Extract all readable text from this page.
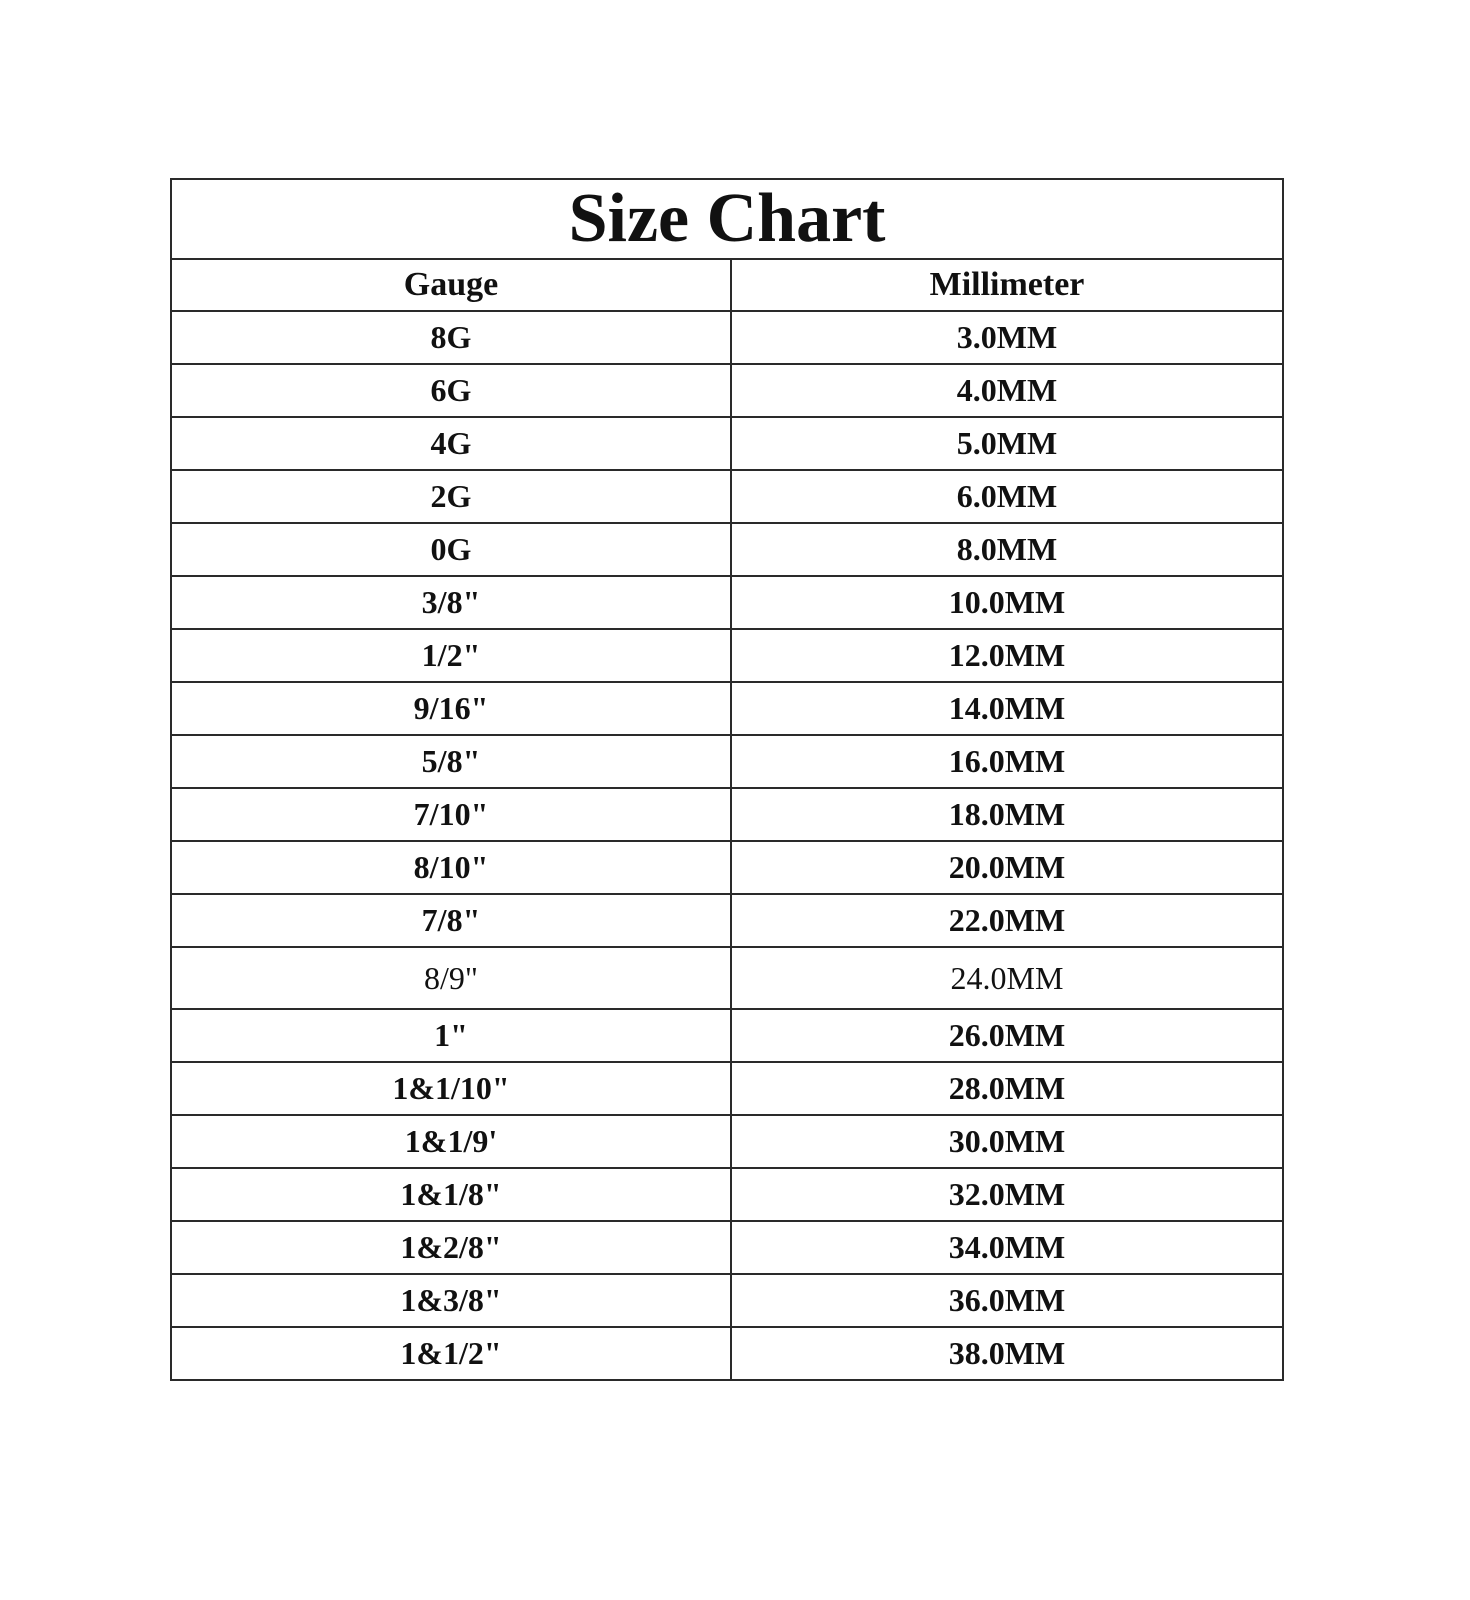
Size Chart	
Gauge	Millimeter
8G	3.0MM
6G	4.0MM
4G	5.0MM
2G	6.0MM
0G	8.0MM
3/8"	10.0MM
1/2"	12.0MM
9/16"	14.0MM
5/8"	16.0MM
7/10"	18.0MM
8/10"	20.0MM
7/8"	22.0MM
8/9"	24.0MM
1"	26.0MM
1&1/10"	28.0MM
1&1/9'	30.0MM
1&1/8"	32.0MM
1&2/8"	34.0MM
1&3/8"	36.0MM
1&1/2"	38.0MM
